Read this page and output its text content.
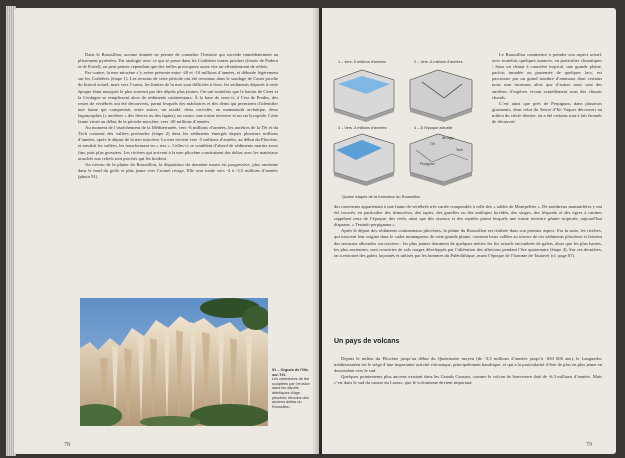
Dans le Roussillon, aucune donnée ne permet de connaître l’histoire qui succède immédiatement au plissement pyrénéen. Par analogie avec ce qui se passe dans les Corbières toutes proches (fossés de Padern et de Portel), on peut penser cependant que des failles provoquent assez vite un effondrement de reliefs.

Par contre, la mer miocène s’y avère présente entre -20 et -10 millions d’années, et déborde légèrement sur les Corbières (étape 1). Les terrains de cette période ont été reconnus dans le sondage de Canet proche du littoral actuel, mais vers l’ouest, les limites de la mer sont difficiles à fixer, les sédiments déposés à cette époque étant masqués le plus souvent par des dépôts plus jeunes. On sait toutefois que le bassin de Céret et la Cerdagne se remplissent alors de sédiments continentaux. À la base de ceux-ci, à l’est de Prades, des restes de vertébrés ont été découverts, parmi lesquels des mâchoires et des dents qui permirent d’identifier une faune qui comprenait, entre autres, un ursidé, deux cervidés, un mammouth archaïque, deux lagomorphes (« ancêtres » des lièvres ou des lapins), un castor, une tortue terrestre et un rat lycopode. Cette faune vivait au début de la période miocène, vers -20 millions d’années.

Au moment de l’assèchement de la Méditerranée, vers -6 millions d’années, les ancêtres de la Têt et du Tech creusent des vallées profondes (étape 2) dans les sédiments émergés depuis plusieurs millions d’années, après le départ de la mer miocène. La mer revient vers -5 millions d’années, au début du Pliocène, et envahit les vallées, les transformant en « rias ». Celles-ci se comblent d’abord de sédiments marins assez fins, puis plus grossiers. Les rivières qui arrivent à la mer pliocène construisent des deltas avec les matériaux arrachés aux reliefs tout proches qui les bordent.

Au niveau de la plaine du Roussillon, la disparition du domaine marin est progressive, plus ancienne dans le fond du golfe et plus jeune vers l’actuel rivage. Elle sera totale vers -4 à -3,5 millions d’années (photo 91).

91 – Orgues de l’Ille-sur-Têt.
Les cheminées de fée sculptées par l’érosion dans les dépôts détritiques d’âge pliocène, témoins des anciens deltas du Roussillon.
78
1 – vers -5 millions d’années	2 – Vers -6 millions d’années
3 – Vers -3 millions d’années	4 – À l’époque actuelle
Têt
Tech
Ille-Agly
Perpignan
Quatre étapes de la formation du Roussillon

Le Roussillon commence à prendre son aspect actuel, avec toutefois quelques nuances, en particulier climatiques : Sous un climat à caractère tropical, une grande plaine, parfois inondée ou parsemée de quelques lacs, est parcourue par un grand nombre d’animaux dont certains nous sont inconnus alors que d’autres nous sont des ancêtres d’espèces vivant actuellement sous des climats chauds.

C’est ainsi que près de Perpignan, dans plusieurs gisements, dont celui du Serrat d’En Vaquer découvert au milieu du siècle dernier, on a été certains tout à fait étonnés de découvrir

des ossements appartenant à une faune de vertébrés très variée comparable à celle des « sables de Montpellier ». De nombreux mammifères y ont été trouvés, en particulier des rhinocéros, des tapirs, des gazelles ou des antilopes bovidés, des singes, des léopards et des tigres à canines rappelant ceux de l’époque, des cerfs, ainsi que des oiseaux et des reptiles parmi lesquels une tortue terrestre géante tropicale, aujourd’hui disparue, « Testudo perpignana ».

Après le départ des sédiments continentaux pliocènes, la plaine du Roussillon est réalisée dans son premier aspect. Par la suite, les rivières, qui trouvent leur origine dans le cadre montagneux de cette grande plaine, creusent leurs vallées au travers de ces sédiments pliocènes et laissent des terrasses alluviales successives : les plus jeunes dominent de quelques mètres les lits actuels encombrés de galets, alors que les plus hautes, les plus anciennes, sont couvertes de sols rouges développés par l’altération des alluvions pendant l’ère quaternaire (étape 4). Sur ces dernières, on a retrouvé des galets façonnés et utilisés par les hommes du Paléolithique, avant l’époque de l’homme de Tautavel (cf. page 67).

Un pays de volcans

Depuis le milieu du Pliocène jusqu’au début du Quaternaire moyen (de -3,5 millions d’années jusqu’à -650 000 ans), le Languedoc méditerranéen est le siège d’une importante activité volcanique, principalement basaltique, et qui a la particularité d’être de plus en plus jeune en descendant vers le sud.

Quelques pointements plus anciens existent dans les Grands Causses, comme le volcan de Sauveterre daté de -6,3 millions d’années. Mais c’est dans le sud du causse du Larzac, que le volcanisme devient important

79
